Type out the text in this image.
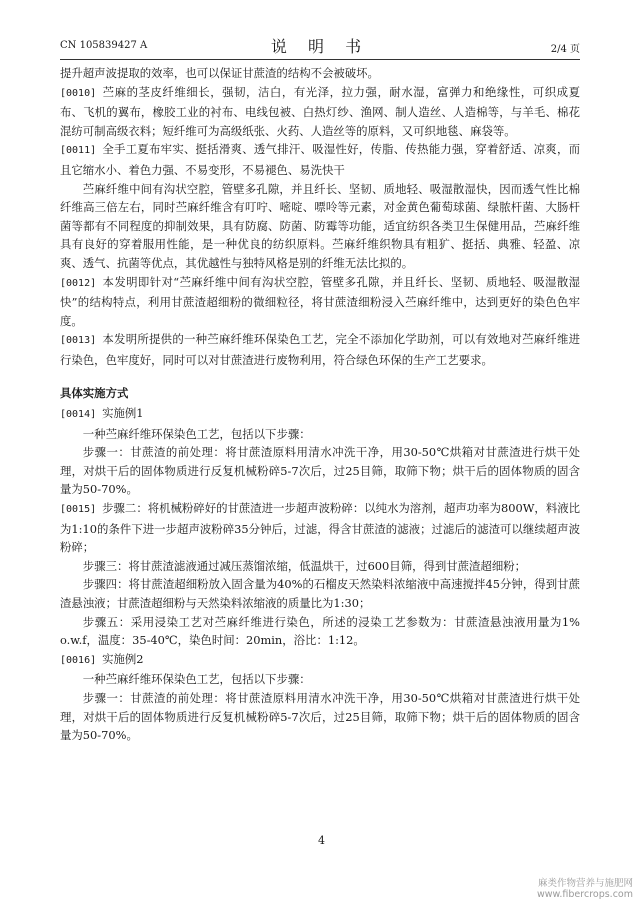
CN 105839427 A	说 明 书	2/4 页

提升超声波提取的效率，也可以保证甘蔗渣的结构不会被破坏。

[0010] 苎麻的茎皮纤维细长，强韧，洁白，有光泽，拉力强，耐水湿，富弹力和绝缘性，可织成夏布、飞机的翼布，橡胶工业的衬布、电线包被、白热灯纱、渔网、制人造丝、人造棉等，与羊毛、棉花混纺可制高级衣料；短纤维可为高级纸张、火药、人造丝等的原料，又可织地毯、麻袋等。

[0011] 全手工夏布牢实、挺括滑爽、透气排汗、吸湿性好，传脂、传热能力强，穿着舒适、凉爽，而且它缩水小、着色力强、不易变形，不易褪色、易洗快干

苎麻纤维中间有沟状空腔，管壁多孔隙，并且纤长、坚韧、质地轻、吸湿散湿快，因而透气性比棉纤维高三倍左右，同时苎麻纤维含有叮咛、嘧啶、嘌呤等元素，对金黄色葡萄球菌、绿脓杆菌、大肠杆菌等都有不同程度的抑制效果，具有防腐、防菌、防霉等功能，适宜纺织各类卫生保健用品，苎麻纤维具有良好的穿着服用性能，是一种优良的纺织原料。苎麻纤维织物具有粗犷、挺括、典雅、轻盈、凉爽、透气、抗菌等优点，其优越性与独特风格是别的纤维无法比拟的。

[0012] 本发明即针对“苎麻纤维中间有沟状空腔，管壁多孔隙，并且纤长、坚韧、质地轻、吸湿散湿快”的结构特点，利用甘蔗渣超细粉的微细粒径，将甘蔗渣细粉浸入苎麻纤维中，达到更好的染色色牢度。

[0013] 本发明所提供的一种苎麻纤维环保染色工艺，完全不添加化学助剂，可以有效地对苎麻纤维进行染色，色牢度好，同时可以对甘蔗渣进行废物利用，符合绿色环保的生产工艺要求。

具体实施方式

[0014] 实施例1

一种苎麻纤维环保染色工艺，包括以下步骤：

步骤一：甘蔗渣的前处理：将甘蔗渣原料用清水冲洗干净，用30-50℃烘箱对甘蔗渣进行烘干处理，对烘干后的固体物质进行反复机械粉碎5-7次后，过25目筛，取筛下物；烘干后的固体物质的固含量为50-70%。

[0015] 步骤二：将机械粉碎好的甘蔗渣进一步超声波粉碎：以纯水为溶剂，超声功率为800W，料液比为1:10的条件下进一步超声波粉碎35分钟后，过滤，得含甘蔗渣的滤液；过滤后的滤渣可以继续超声波粉碎；

步骤三：将甘蔗渣滤液通过减压蒸馏浓缩，低温烘干，过600目筛，得到甘蔗渣超细粉；

步骤四：将甘蔗渣超细粉放入固含量为40%的石榴皮天然染料浓缩液中高速搅拌45分钟，得到甘蔗渣悬浊液；甘蔗渣超细粉与天然染料浓缩液的质量比为1:30；

步骤五：采用浸染工艺对苎麻纤维进行染色，所述的浸染工艺参数为：甘蔗渣悬浊液用量为1% o.w.f，温度：35-40℃，染色时间：20min，浴比：1:12。

[0016] 实施例2

一种苎麻纤维环保染色工艺，包括以下步骤：

步骤一：甘蔗渣的前处理：将甘蔗渣原料用清水冲洗干净，用30-50℃烘箱对甘蔗渣进行烘干处理，对烘干后的固体物质进行反复机械粉碎5-7次后，过25目筛，取筛下物；烘干后的固体物质的固含量为50-70%。

4
麻类作物营养与施肥网
www.fibercrops.com
